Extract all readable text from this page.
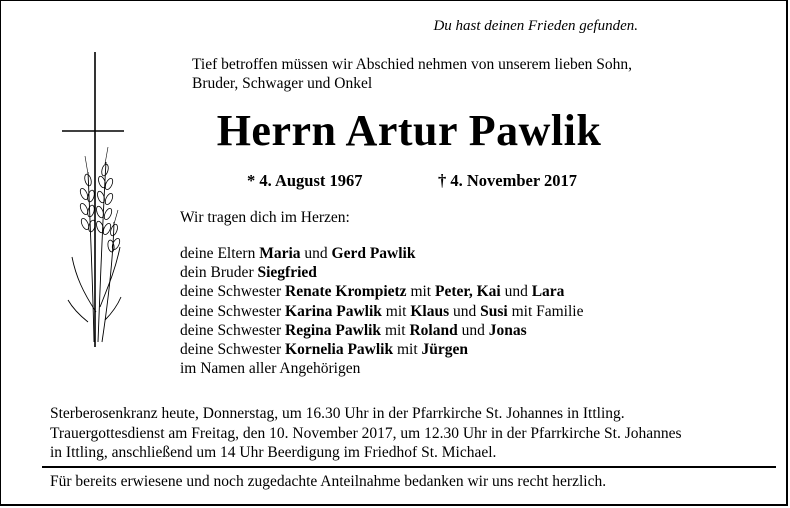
Du hast deinen Frieden gefunden.
Tief betroffen müssen wir Abschied nehmen von unserem lieben Sohn,
Bruder, Schwager und Onkel
Herrn Artur Pawlik
* 4. August 1967	† 4. November 2017
Wir tragen dich im Herzen:
deine Eltern Maria und Gerd Pawlik
dein Bruder Siegfried
deine Schwester Renate Krompietz mit Peter, Kai und Lara
deine Schwester Karina Pawlik mit Klaus und Susi mit Familie
deine Schwester Regina Pawlik mit Roland und Jonas
deine Schwester Kornelia Pawlik mit Jürgen
im Namen aller Angehörigen
Sterberosenkranz heute, Donnerstag, um 16.30 Uhr in der Pfarrkirche St. Johannes in Ittling.
Trauergottesdienst am Freitag, den 10. November 2017, um 12.30 Uhr in der Pfarrkirche St. Johannes
in Ittling, anschließend um 14 Uhr Beerdigung im Friedhof St. Michael.
Für bereits erwiesene und noch zugedachte Anteilnahme bedanken wir uns recht herzlich.
